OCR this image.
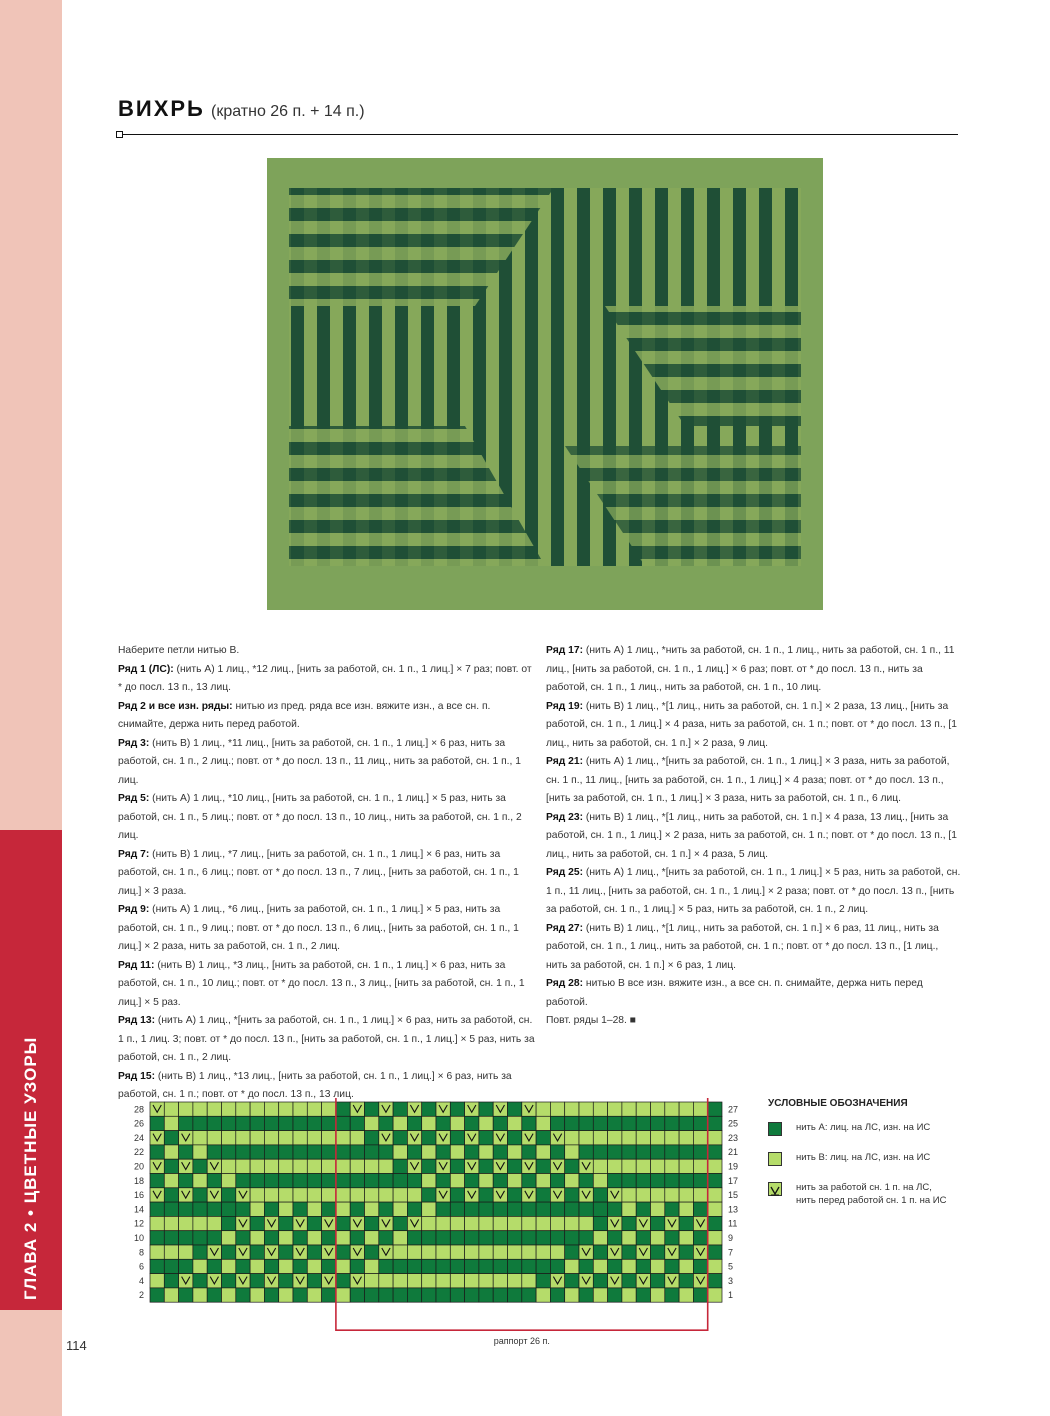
ГЛАВА 2 • ЦВЕТНЫЕ УЗОРЫ
114
ВИХРЬ (кратно 26 п. + 14 п.)

Наберите петли нитью В.

Ряд 1 (ЛС): (нить А) 1 лиц., *12 лиц., [нить за работой, сн. 1 п., 1 лиц.] × 7 раз; повт. от * до посл. 13 п., 13 лиц.

Ряд 2 и все изн. ряды: нитью из пред. ряда все изн. вяжите изн., а все сн. п. снимайте, держа нить перед работой.

Ряд 3: (нить В) 1 лиц., *11 лиц., [нить за работой, сн. 1 п., 1 лиц.] × 6 раз, нить за работой, сн. 1 п., 2 лиц.; повт. от * до посл. 13 п., 11 лиц., нить за работой, сн. 1 п., 1 лиц.

Ряд 5: (нить А) 1 лиц., *10 лиц., [нить за работой, сн. 1 п., 1 лиц.] × 5 раз, нить за работой, сн. 1 п., 5 лиц.; повт. от * до посл. 13 п., 10 лиц., нить за работой, сн. 1 п., 2 лиц.

Ряд 7: (нить В) 1 лиц., *7 лиц., [нить за работой, сн. 1 п., 1 лиц.] × 6 раз, нить за работой, сн. 1 п., 6 лиц.; повт. от * до посл. 13 п., 7 лиц., [нить за работой, сн. 1 п., 1 лиц.] × 3 раза.

Ряд 9: (нить А) 1 лиц., *6 лиц., [нить за работой, сн. 1 п., 1 лиц.] × 5 раз, нить за работой, сн. 1 п., 9 лиц.; повт. от * до посл. 13 п., 6 лиц., [нить за работой, сн. 1 п., 1 лиц.] × 2 раза, нить за работой, сн. 1 п., 2 лиц.

Ряд 11: (нить В) 1 лиц., *3 лиц., [нить за работой, сн. 1 п., 1 лиц.] × 6 раз, нить за работой, сн. 1 п., 10 лиц.; повт. от * до посл. 13 п., 3 лиц., [нить за работой, сн. 1 п., 1 лиц.] × 5 раз.

Ряд 13: (нить А) 1 лиц., *[нить за работой, сн. 1 п., 1 лиц.] × 6 раз, нить за работой, сн. 1 п., 1 лиц. 3; повт. от * до посл. 13 п., [нить за работой, сн. 1 п., 1 лиц.] × 5 раз, нить за работой, сн. 1 п., 2 лиц.

Ряд 15: (нить В) 1 лиц., *13 лиц., [нить за работой, сн. 1 п., 1 лиц.] × 6 раз, нить за работой, сн. 1 п.; повт. от * до посл. 13 п., 13 лиц.

Ряд 17: (нить А) 1 лиц., *нить за работой, сн. 1 п., 1 лиц., нить за работой, сн. 1 п., 11 лиц., [нить за работой, сн. 1 п., 1 лиц.] × 6 раз; повт. от * до посл. 13 п., нить за работой, сн. 1 п., 1 лиц., нить за работой, сн. 1 п., 10 лиц.

Ряд 19: (нить В) 1 лиц., *[1 лиц., нить за работой, сн. 1 п.] × 2 раза, 13 лиц., [нить за работой, сн. 1 п., 1 лиц.] × 4 раза, нить за работой, сн. 1 п.; повт. от * до посл. 13 п., [1 лиц., нить за работой, сн. 1 п.] × 2 раза, 9 лиц.

Ряд 21: (нить А) 1 лиц., *[нить за работой, сн. 1 п., 1 лиц.] × 3 раза, нить за работой, сн. 1 п., 11 лиц., [нить за работой, сн. 1 п., 1 лиц.] × 4 раза; повт. от * до посл. 13 п., [нить за работой, сн. 1 п., 1 лиц.] × 3 раза, нить за работой, сн. 1 п., 6 лиц.

Ряд 23: (нить В) 1 лиц., *[1 лиц., нить за работой, сн. 1 п.] × 4 раза, 13 лиц., [нить за работой, сн. 1 п., 1 лиц.] × 2 раза, нить за работой, сн. 1 п.; повт. от * до посл. 13 п., [1 лиц., нить за работой, сн. 1 п.] × 4 раза, 5 лиц.

Ряд 25: (нить А) 1 лиц., *[нить за работой, сн. 1 п., 1 лиц.] × 5 раз, нить за работой, сн. 1 п., 11 лиц., [нить за работой, сн. 1 п., 1 лиц.] × 2 раза; повт. от * до посл. 13 п., [нить за работой, сн. 1 п., 1 лиц.] × 5 раз, нить за работой, сн. 1 п., 2 лиц.

Ряд 27: (нить В) 1 лиц., *[1 лиц., нить за работой, сн. 1 п.] × 6 раз, 11 лиц., нить за работой, сн. 1 п., 1 лиц., нить за работой, сн. 1 п.; повт. от * до посл. 13 п., [1 лиц., нить за работой, сн. 1 п.] × 6 раз, 1 лиц.

Ряд 28: нитью В все изн. вяжите изн., а все сн. п. снимайте, держа нить перед работой.

Повт. ряды 1–28. ■

28
26
24
22
20
18
16
14
12
10
8
6
4
2
27
25
23
21
19
17
15
13
11
9
7
5
3
1
раппорт 26 п.
УСЛОВНЫЕ ОБОЗНАЧЕНИЯ
нить А: лиц. на ЛС, изн. на ИС
нить В: лиц. на ЛС, изн. на ИС
нить за работой сн. 1 п. на ЛС,
нить перед работой сн. 1 п. на ИС
